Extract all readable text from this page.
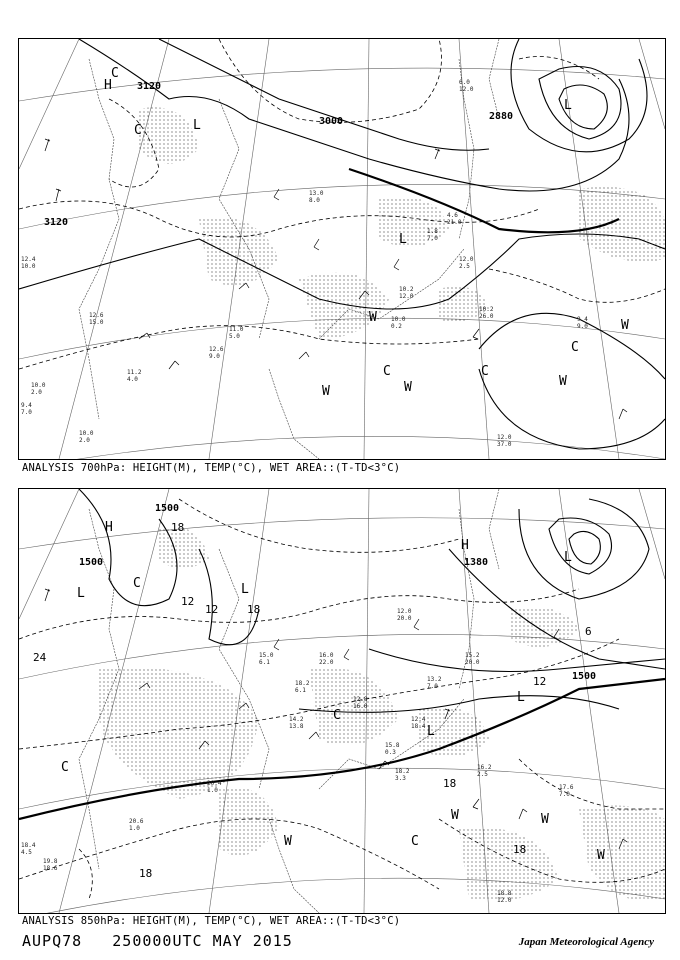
3120
3000	2880
3120
H
L
L
L
C
C
C	C
C
W	W	W
W
W
10.2
26.0
12.0
37.0
9.4
9.0
12.4
10.0
11.2
4.0
10.0
2.0
10.0
0.2
11.0
5.0
12.6
9.0
12.6
15.0
13.0
8.0
4.6
21.0
1.8
7.0
12.0
2.5
6.0
12.0
10.2
12.0
10.0
2.0
9.4
7.0
ANALYSIS 700hPa: HEIGHT(M), TEMP(°C), WET AREA::(T-TD<3°C)
1500
1500
1500
1380
18
12
12
24
18
18
18
12
6
18
H
H
L
L	L
L
L
C
C
C
C
W
W
W
W
17.6
7.0
16.2
2.5
18.8
12.0
20.4
1.0
20.6
1.0
15.8
0.3
18.2
3.3
12.8
16.0
13.2
7.0
15.2
20.0
12.0
20.0
15.0
6.1
18.2
6.1
18.4
4.5
19.8
18.6
16.0
22.0
14.2
13.8
12.4
18.4
ANALYSIS 850hPa: HEIGHT(M), TEMP(°C), WET AREA::(T-TD<3°C)
AUPQ78 250000UTC MAY 2015	Japan Meteorological Agency
